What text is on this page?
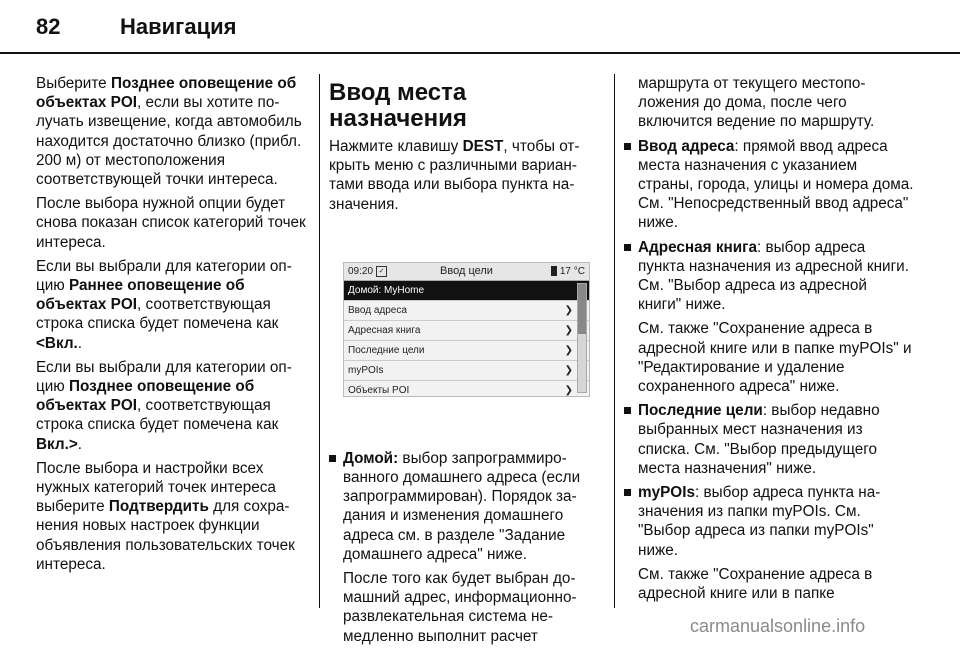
82	Навигация

Выберите Позднее оповещение об объектах POI, если вы хотите получать извещение, когда автомобиль находится достаточно близко (прибл. 200 м) от местоположения соответствующей точки интереса.

После выбора нужной опции будет снова показан список категорий точек интереса.

Если вы выбрали для категории опцию Раннее оповещение об объектах POI, соответствующая строка списка будет помечена как <Вкл..

Если вы выбрали для категории опцию Позднее оповещение об объектах POI, соответствующая строка списка будет помечена как Вкл.>.

После выбора и настройки всех нужных категорий точек интереса выберите Подтвердить для сохранения новых настроек функции объявления пользовательских точек интереса.

Ввод места назначения

Нажмите клавишу DEST, чтобы открыть меню с различными вариантами ввода или выбора пункта назначения.

09:20 ✓	Ввод цели	17 °C
Домой: MyHome
Ввод адреса	❯
Адресная книга	❯
Последние цели	❯
myPOIs	❯
Объекты POI	❯
Домой: выбор запрограммированного домашнего адреса (если запрограммирован). Порядок задания и изменения домашнего адреса см. в разделе "Задание домашнего адреса" ниже.

После того как будет выбран домашний адрес, информационно-развлекательная система немедленно выполнит расчет

маршрута от текущего местоположения до дома, после чего включится ведение по маршруту.

Ввод адреса: прямой ввод адреса места назначения с указанием страны, города, улицы и номера дома. См. "Непосредственный ввод адреса" ниже.
Адресная книга: выбор адреса пункта назначения из адресной книги. См. "Выбор адреса из адресной книги" ниже.

См. также "Сохранение адреса в адресной книге или в папке myPOIs" и "Редактирование и удаление сохраненного адреса" ниже.

Последние цели: выбор недавно выбранных мест назначения из списка. См. "Выбор предыдущего места назначения" ниже.
myPOIs: выбор адреса пункта назначения из папки myPOIs. См. "Выбор адреса из папки myPOIs" ниже.

См. также "Сохранение адреса в адресной книге или в папке

carmanualsonline.info
